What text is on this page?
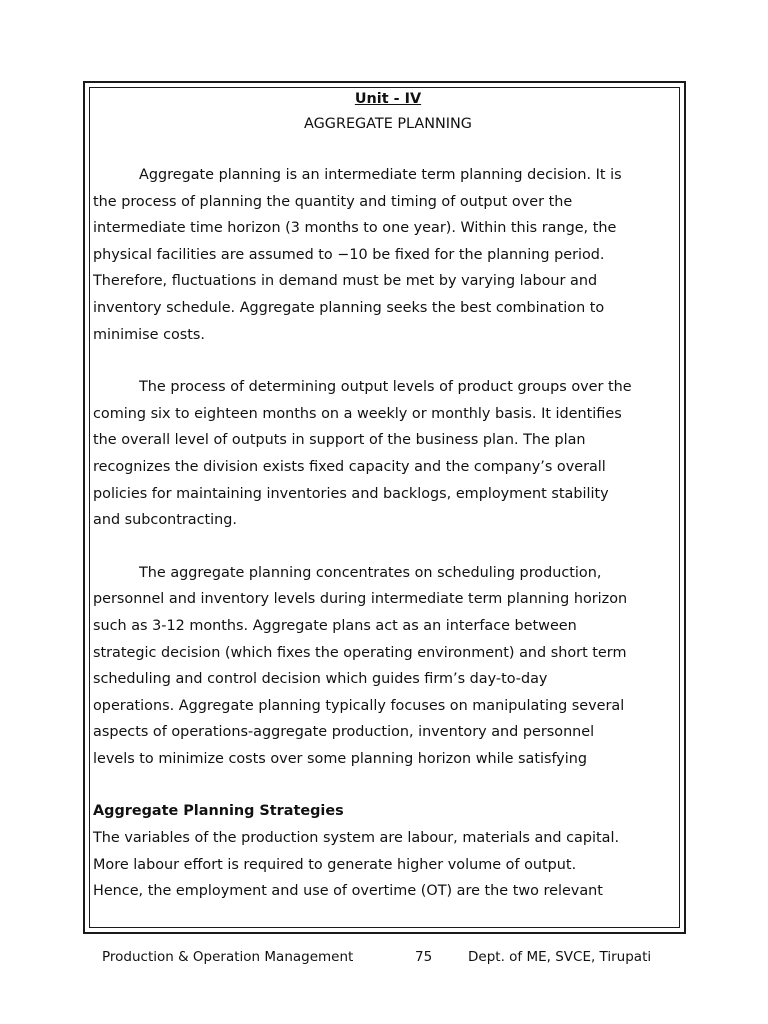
Unit - IV
AGGREGATE PLANNING
Aggregate planning is an intermediate term planning decision. It is
the process of planning the quantity and timing of output over the
intermediate time horizon (3 months to one year). Within this range, the
physical facilities are assumed to −10 be fixed for the planning period.
Therefore, fluctuations in demand must be met by varying labour and
inventory schedule. Aggregate planning seeks the best combination to
minimise costs.
The process of determining output levels of product groups over the
coming six to eighteen months on a weekly or monthly basis. It identifies
the overall level of outputs in support of the business plan. The plan
recognizes the division exists fixed capacity and the company’s overall
policies for maintaining inventories and backlogs, employment stability
and subcontracting.
The aggregate planning concentrates on scheduling production,
personnel and inventory levels during intermediate term planning horizon
such as 3-12 months. Aggregate plans act as an interface between
strategic decision (which fixes the operating environment) and short term
scheduling and control decision which guides firm’s day-to-day
operations. Aggregate planning typically focuses on manipulating several
aspects of operations-aggregate production, inventory and personnel
levels to minimize costs over some planning horizon while satisfying
Aggregate Planning Strategies
The variables of the production system are labour, materials and capital.
More labour effort is required to generate higher volume of output.
Hence, the employment and use of overtime (OT) are the two relevant
Production & Operation Management	75	Dept. of ME, SVCE, Tirupati
